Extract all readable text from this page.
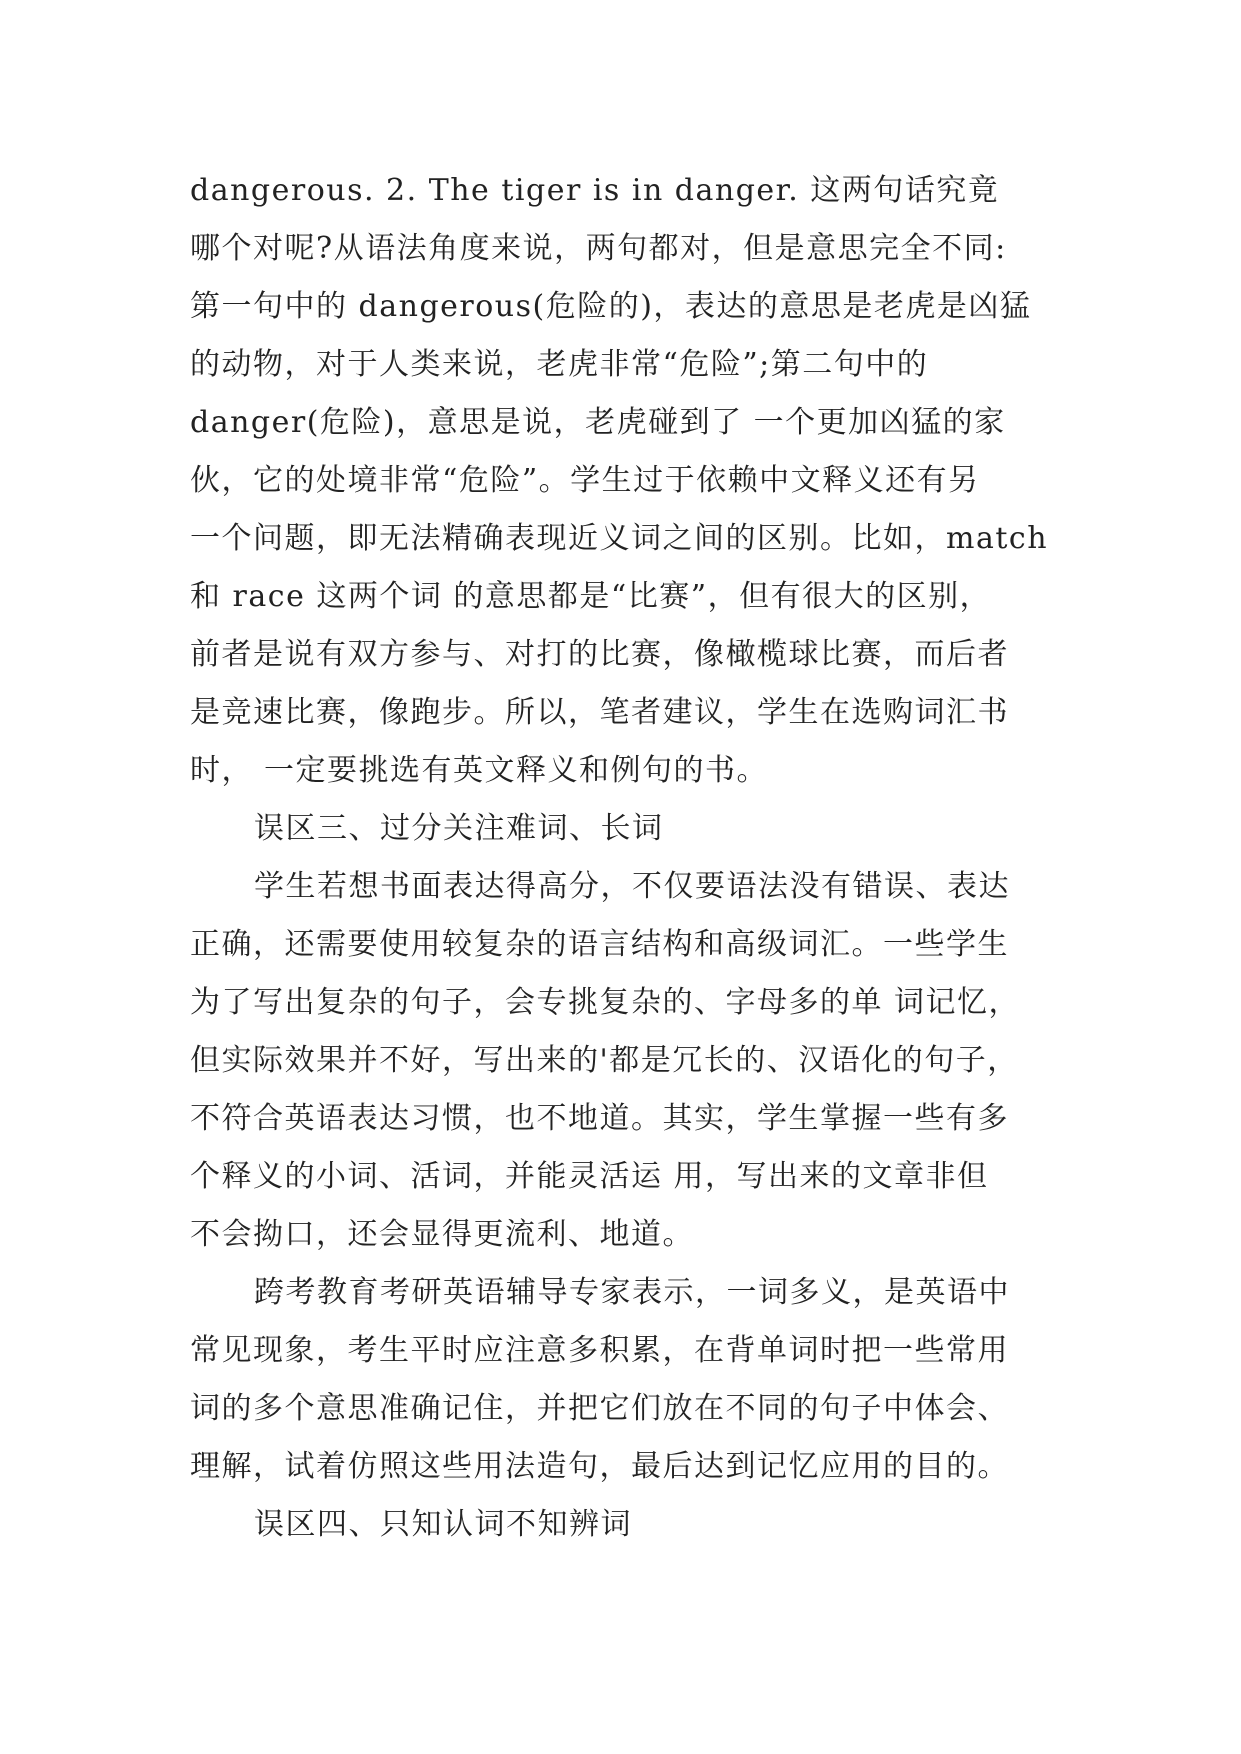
dangerous. 2. The tiger is in danger. 这两句话究竟
哪个对呢?从语法角度来说，两句都对，但是意思完全不同:
第一句中的 dangerous(危险的)，表达的意思是老虎是凶猛
的动物，对于人类来说，老虎非常“危险”;第二句中的
danger(危险)，意思是说，老虎碰到了 一个更加凶猛的家
伙，它的处境非常“危险”。学生过于依赖中文释义还有另
一个问题，即无法精确表现近义词之间的区别。比如，match
和 race 这两个词 的意思都是“比赛”，但有很大的区别，
前者是说有双方参与、对打的比赛，像橄榄球比赛，而后者
是竞速比赛，像跑步。所以，笔者建议，学生在选购词汇书
时， 一定要挑选有英文释义和例句的书。
误区三、过分关注难词、长词
学生若想书面表达得高分，不仅要语法没有错误、表达
正确，还需要使用较复杂的语言结构和高级词汇。一些学生
为了写出复杂的句子，会专挑复杂的、字母多的单 词记忆，
但实际效果并不好，写出来的'都是冗长的、汉语化的句子，
不符合英语表达习惯，也不地道。其实，学生掌握一些有多
个释义的小词、活词，并能灵活运 用，写出来的文章非但
不会拗口，还会显得更流利、地道。
跨考教育考研英语辅导专家表示，一词多义，是英语中
常见现象，考生平时应注意多积累，在背单词时把一些常用
词的多个意思准确记住，并把它们放在不同的句子中体会、
理解，试着仿照这些用法造句，最后达到记忆应用的目的。
误区四、只知认词不知辨词
